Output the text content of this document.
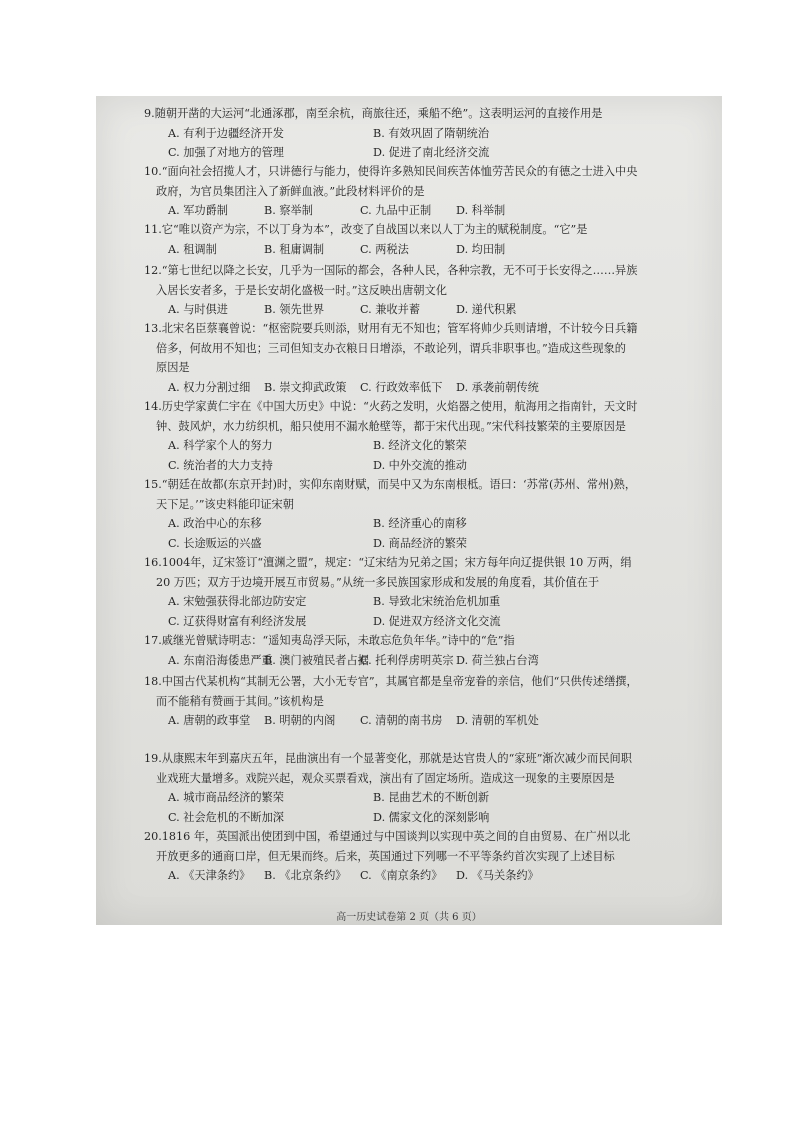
9.随朝开凿的大运河“北通涿郡，南至余杭，商旅往还，乘船不绝”。这表明运河的直接作用是

A. 有利于边疆经济开发	B. 有效巩固了隋朝统治
C. 加强了对地方的管理	D. 促进了南北经济交流

10.“面向社会招揽人才，只讲德行与能力，使得许多熟知民间疾苦体恤劳苦民众的有德之士进入中央

政府，为官员集团注入了新鲜血液。”此段材料评价的是

A. 军功爵制	B. 察举制	C. 九品中正制	D. 科举制

11.它“唯以资产为宗，不以丁身为本”，改变了自战国以来以人丁为主的赋税制度。“它”是

A. 租调制	B. 租庸调制	C. 两税法	D. 均田制

12.“第七世纪以降之长安，几乎为一国际的都会，各种人民，各种宗教，无不可于长安得之……异族

入居长安者多，于是长安胡化盛极一时。”这反映出唐朝文化

A. 与时俱进	B. 领先世界	C. 兼收并蓄	D. 递代积累

13.北宋名臣蔡襄曾说：“枢密院要兵则添，财用有无不知也；管军将帅少兵则请增，不计较今日兵籍

倍多，何故用不知也；三司但知支办衣粮日日增添，不敢论列，谓兵非职事也。”造成这些现象的

原因是

A. 权力分割过细	B. 崇文抑武政策	C. 行政效率低下	D. 承袭前朝传统

14.历史学家黄仁宇在《中国大历史》中说：“火药之发明，火焰器之使用，航海用之指南针，天文时

钟、鼓风炉，水力纺织机，船只使用不漏水舱壁等，都于宋代出现。”宋代科技繁荣的主要原因是

A. 科学家个人的努力	B. 经济文化的繁荣
C. 统治者的大力支持	D. 中外交流的推动

15.“朝廷在故都(东京开封)时，实仰东南财赋，而吴中又为东南根柢。语曰：‘苏常(苏州、常州)熟，

天下足。’”该史料能印证宋朝

A. 政治中心的东移	B. 经济重心的南移
C. 长途贩运的兴盛	D. 商品经济的繁荣

16.1004年，辽宋签订“澶渊之盟”，规定：“辽宋结为兄弟之国；宋方每年向辽提供银 10 万两，绢

20 万匹；双方于边境开展互市贸易。”从统一多民族国家形成和发展的角度看，其价值在于

A. 宋勉强获得北部边防安定	B. 导致北宋统治危机加重
C. 辽获得财富有利经济发展	D. 促进双方经济文化交流

17.戚继光曾赋诗明志：“遥知夷岛浮天际，未敢忘危负年华。”诗中的“危”指

A. 东南沿海倭患严重
B. 澳门被殖民者占据
C. 托利俘虏明英宗 D. 荷兰独占台湾

18.中国古代某机构“其制无公署，大小无专官”，其属官都是皇帝宠眷的亲信，他们“只供传述缮撰，

而不能稍有赞画于其间。”该机构是

A. 唐朝的政事堂	B. 明朝的内阁	C. 清朝的南书房	D. 清朝的军机处

19.从康熙末年到嘉庆五年，昆曲演出有一个显著变化，那就是达官贵人的“家班”渐次减少而民间职

业戏班大量增多。戏院兴起，观众买票看戏，演出有了固定场所。造成这一现象的主要原因是

A. 城市商品经济的繁荣	B. 昆曲艺术的不断创新
C. 社会危机的不断加深	D. 儒家文化的深刻影响

20.1816 年，英国派出使团到中国，希望通过与中国谈判以实现中英之间的自由贸易、在广州以北

开放更多的通商口岸，但无果而终。后来，英国通过下列哪一不平等条约首次实现了上述目标

A. 《天津条约》	B. 《北京条约》	C. 《南京条约》	D. 《马关条约》
高一历史试卷第 2 页（共 6 页）
